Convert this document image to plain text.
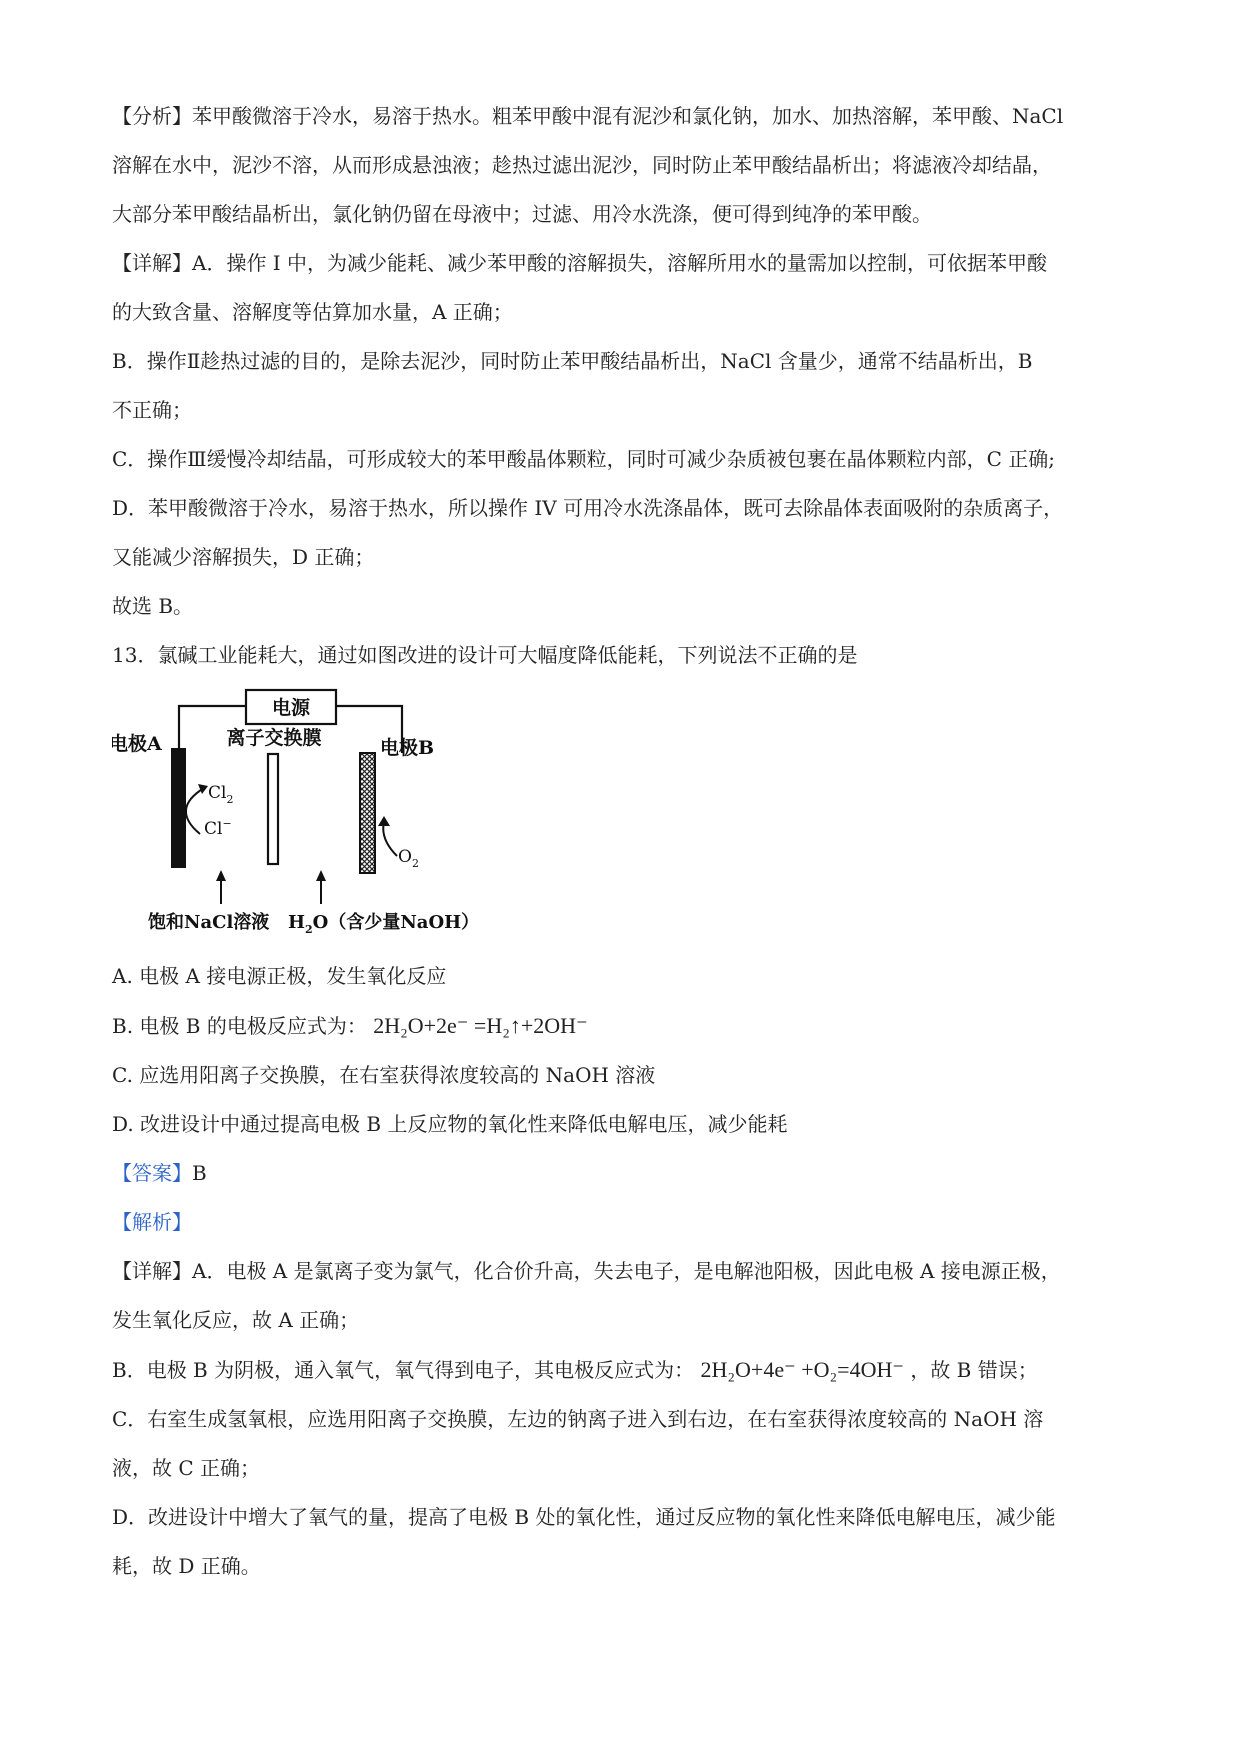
【分析】苯甲酸微溶于冷水，易溶于热水。粗苯甲酸中混有泥沙和氯化钠，加水、加热溶解，苯甲酸、NaCl

溶解在水中，泥沙不溶，从而形成悬浊液；趁热过滤出泥沙，同时防止苯甲酸结晶析出；将滤液冷却结晶，

大部分苯甲酸结晶析出，氯化钠仍留在母液中；过滤、用冷水洗涤，便可得到纯净的苯甲酸。

【详解】A．操作 I 中，为减少能耗、减少苯甲酸的溶解损失，溶解所用水的量需加以控制，可依据苯甲酸

的大致含量、溶解度等估算加水量，A 正确；

B．操作Ⅱ趁热过滤的目的，是除去泥沙，同时防止苯甲酸结晶析出，NaCl 含量少，通常不结晶析出，B

不正确；

C．操作Ⅲ缓慢冷却结晶，可形成较大的苯甲酸晶体颗粒，同时可减少杂质被包裹在晶体颗粒内部，C 正确;

D．苯甲酸微溶于冷水，易溶于热水，所以操作 IV 可用冷水洗涤晶体，既可去除晶体表面吸附的杂质离子，

又能减少溶解损失，D 正确；

故选 B。

13．氯碱工业能耗大，通过如图改进的设计可大幅度降低能耗，下列说法不正确的是

电源
离子交换膜
电极A	电极B
$Cl_2$
Cl−
$O_2$
饱和NaCl溶液 $H_2O$（含少量NaOH）

A. 电极 A 接电源正极，发生氧化反应

B. 电极 B 的电极反应式为： 2H₂O+2e⁻ =H₂↑+2OH⁻

C. 应选用阳离子交换膜，在右室获得浓度较高的 NaOH 溶液

D. 改进设计中通过提高电极 B 上反应物的氧化性来降低电解电压，减少能耗

【答案】B

【解析】

【详解】A．电极 A 是氯离子变为氯气，化合价升高，失去电子，是电解池阳极，因此电极 A 接电源正极，

发生氧化反应，故 A 正确；

B．电极 B 为阴极，通入氧气，氧气得到电子，其电极反应式为： 2H₂O+4e⁻ +O₂=4OH⁻ ，故 B 错误；

C．右室生成氢氧根，应选用阳离子交换膜，左边的钠离子进入到右边，在右室获得浓度较高的 NaOH 溶

液，故 C 正确；

D．改进设计中增大了氧气的量，提高了电极 B 处的氧化性，通过反应物的氧化性来降低电解电压，减少能

耗，故 D 正确。
